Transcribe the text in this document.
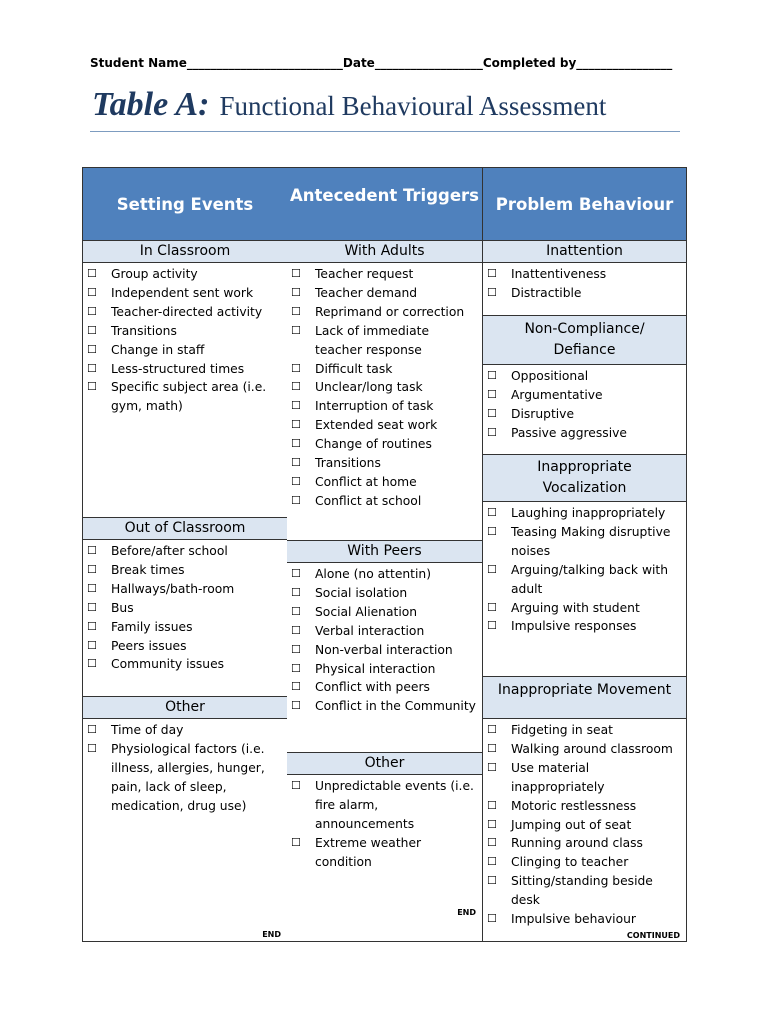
Student Name__________________________Date__________________Completed by________________
Table A: Functional Behavioural Assessment
Setting Events
In Classroom
☐ Group activity
☐ Independent sent work
☐ Teacher-directed activity
☐ Transitions
☐ Change in staff
☐ Less-structured times
☐ Specific subject area (i.e. gym, math)
Out of Classroom
☐ Before/after school
☐ Break times
☐ Hallways/bath-room
☐ Bus
☐ Family issues
☐ Peers issues
☐ Community issues
Other
☐ Time of day
☐ Physiological factors (i.e. illness, allergies, hunger, pain, lack of sleep, medication, drug use)
END
Antecedent Triggers
With Adults
☐ Teacher request
☐ Teacher demand
☐ Reprimand or correction
☐ Lack of immediate teacher response
☐ Difficult task
☐ Unclear/long task
☐ Interruption of task
☐ Extended seat work
☐ Change of routines
☐ Transitions
☐ Conflict at home
☐ Conflict at school
With Peers
☐ Alone (no attentin)
☐ Social isolation
☐ Social Alienation
☐ Verbal interaction
☐ Non-verbal interaction
☐ Physical interaction
☐ Conflict with peers
☐ Conflict in the Community
Other
☐ Unpredictable events (i.e. fire alarm, announcements
☐ Extreme weather condition
END
Problem Behaviour
Inattention
☐ Inattentiveness
☐ Distractible
Non-Compliance/ Defiance
☐ Oppositional
☐ Argumentative
☐ Disruptive
☐ Passive aggressive
Inappropriate Vocalization
☐ Laughing inappropriately
☐ Teasing Making disruptive noises
☐ Arguing/talking back with adult
☐ Arguing with student
☐ Impulsive responses
Inappropriate Movement
☐ Fidgeting in seat
☐ Walking around classroom
☐ Use material inappropriately
☐ Motoric restlessness
☐ Jumping out of seat
☐ Running around class
☐ Clinging to teacher
☐ Sitting/standing beside desk
☐ Impulsive behaviour
CONTINUED
